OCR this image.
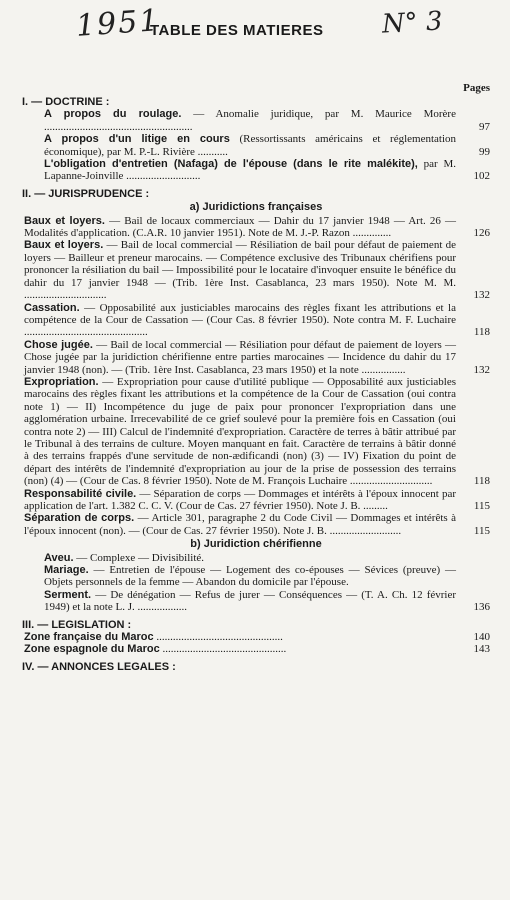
1951
TABLE DES MATIERES N° 3
Pages
I. — DOCTRINE :
A propos du roulage. — Anomalie juridique, par M. Maurice Morère ......................................................	97
A propos d'un litige en cours (Ressortissants américains et réglementation économique), par M. P.-L. Rivière ...........	99
L'obligation d'entretien (Nafaga) de l'épouse (dans le rite malékite), par M. Lapanne-Joinville ...........................	102
II. — JURISPRUDENCE :
a) Juridictions françaises
Baux et loyers. — Bail de locaux commerciaux — Dahir du 17 janvier 1948 — Art. 26 — Modalités d'application. (C.A.R. 10 janvier 1951). Note de M. J.-P. Razon ..............	126
Baux et loyers. — Bail de local commercial — Résiliation de bail pour défaut de paiement de loyers — Bailleur et preneur marocains. — Compétence exclusive des Tribunaux chérifiens pour prononcer la résiliation du bail — Impossibilité pour le locataire d'invoquer ensuite le bénéfice du dahir du 17 janvier 1948 — (Trib. 1ère Inst. Casablanca, 23 mars 1950). Note M. M. ..............................	132
Cassation. — Opposabilité aux justiciables marocains des règles fixant les attributions et la compétence de la Cour de Cassation — (Cour Cas. 8 février 1950). Note contra M. F. Luchaire .............................................	118
Chose jugée. — Bail de local commercial — Résiliation pour défaut de paiement de loyers — Chose jugée par la juridiction chérifienne entre parties marocaines — Incidence du dahir du 17 janvier 1948 (non). — (Trib. 1ère Inst. Casablanca, 23 mars 1950) et la note ................	132
Expropriation. — Expropriation pour cause d'utilité publique — Opposabilité aux justiciables marocains des règles fixant les attributions et la compétence de la Cour de Cassation (oui contra note 1) — II) Incompétence du juge de paix pour prononcer l'expropriation dans une agglomération urbaine. Irrecevabilité de ce grief soulevé pour la première fois en Cassation (oui contra note 2) — III) Calcul de l'indemnité d'expropriation. Caractère de terres à bâtir attribué par le Tribunal à des terrains de culture. Moyen manquant en fait. Caractère de terrains à bâtir donné à des terrains frappés d'une servitude de non-ædificandi (non) (3) — IV) Fixation du point de départ des intérêts de l'indemnité d'expropriation au jour de la prise de possession des terrains (non) (4) — (Cour de Cas. 8 février 1950). Note de M. François Luchaire ..............................	118
Responsabilité civile. — Séparation de corps — Dommages et intérêts à l'époux innocent par application de l'art. 1.382 C. C. V. (Cour de Cas. 27 février 1950). Note J. B. .........	115
Séparation de corps. — Article 301, paragraphe 2 du Code Civil — Dommages et intérêts à l'époux innocent (non). — (Cour de Cas. 27 février 1950). Note J. B. ..........................	115
b) Juridiction chérifienne
Aveu. — Complexe — Divisibilité.
Mariage. — Entretien de l'épouse — Logement des co-épouses — Sévices (preuve) — Objets personnels de la femme — Abandon du domicile par l'épouse.
Serment. — De dénégation — Refus de jurer — Conséquences — (T. A. Ch. 12 février 1949) et la note L. J. ..................	136
III. — LEGISLATION :
Zone française du Maroc ..............................................	140
Zone espagnole du Maroc .............................................	143
IV. — ANNONCES LEGALES :
